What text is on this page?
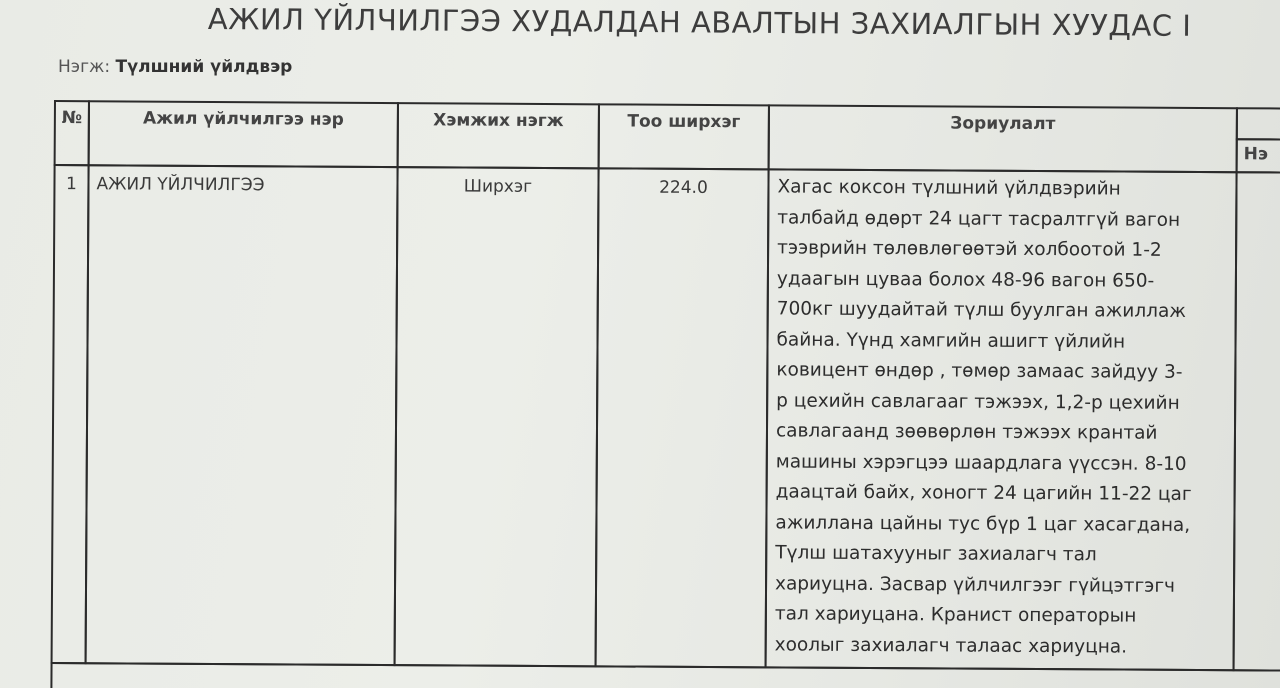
АЖИЛ ҮЙЛЧИЛГЭЭ ХУДАЛДАН АВАЛТЫН ЗАХИАЛГЫН ХУУДАС I
Нэгж: Түлшний үйлдвэр
№	Ажил үйлчилгээ нэр	Хэмжих нэгж	Тоо ширхэг	Зориулалт
Нэ
1	АЖИЛ ҮЙЛЧИЛГЭЭ	Ширхэг	224.0	Хагас коксон түлшний үйлдвэрийн
талбайд өдөрт 24 цагт тасралтгүй вагон
тээврийн төлөвлөгөөтэй холбоотой 1-2
удаагын цуваа болох 48-96 вагон 650-
700кг шуудайтай түлш буулган ажиллаж
байна. Үүнд хамгийн ашигт үйлийн
ковицент өндөр , төмөр замаас зайдуу 3-
р цехийн савлагааг тэжээх, 1,2-р цехийн
савлагаанд зөөвөрлөн тэжээх крантай
машины хэрэгцээ шаардлага үүссэн. 8-10
даацтай байх, хоногт 24 цагийн 11-22 цаг
ажиллана цайны тус бүр 1 цаг хасагдана,
Түлш шатахууныг захиалагч тал
хариуцна. Засвар үйлчилгээг гүйцэтгэгч
тал хариуцана. Кранист операторын
хоолыг захиалагч талаас хариуцна.
